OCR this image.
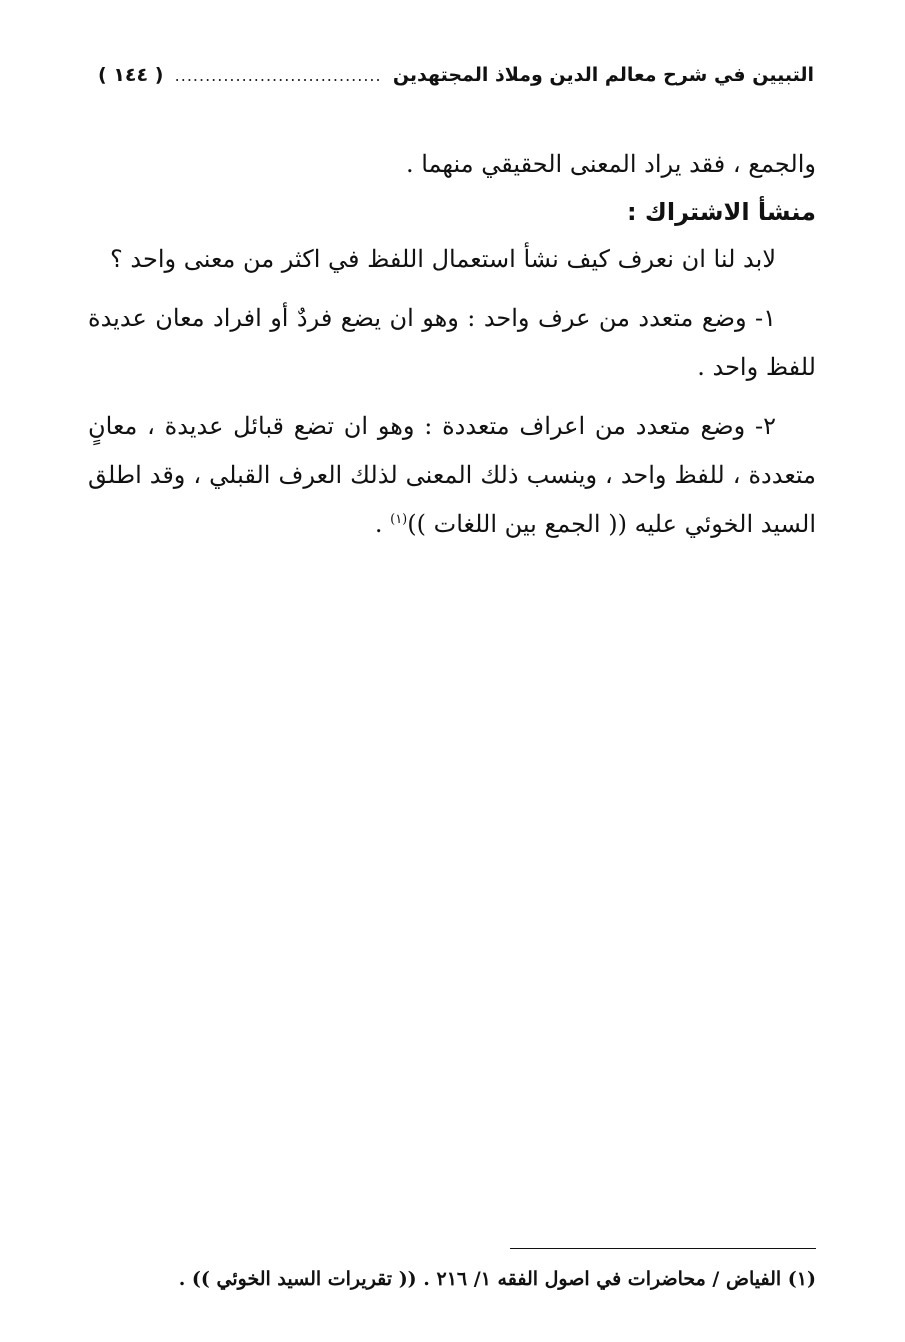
التبيين في شرح معالم الدين وملاذ المجتهدين
..................................
( ١٤٤ )

والجمع ، فقد يراد المعنى الحقيقي منهما .

منشأ الاشتراك :

لابد لنا ان نعرف كيف نشأ استعمال اللفظ في اكثر من معنى واحد ؟

١- وضع متعدد من عرف واحد : وهو ان يضع فردٌ أو افراد معان عديدة للفظ واحد .

٢- وضع متعدد من اعراف متعددة : وهو ان تضع قبائل عديدة ، معانٍ متعددة ، للفظ واحد ، وينسب ذلك المعنى لذلك العرف القبلي ، وقد اطلق السيد الخوئي عليه (( الجمع بين اللغات ))$^{(١)}$ .

(١) الفياض / محاضرات في اصول الفقه ١/ ٢١٦ . (( تقريرات السيد الخوئي )) .
